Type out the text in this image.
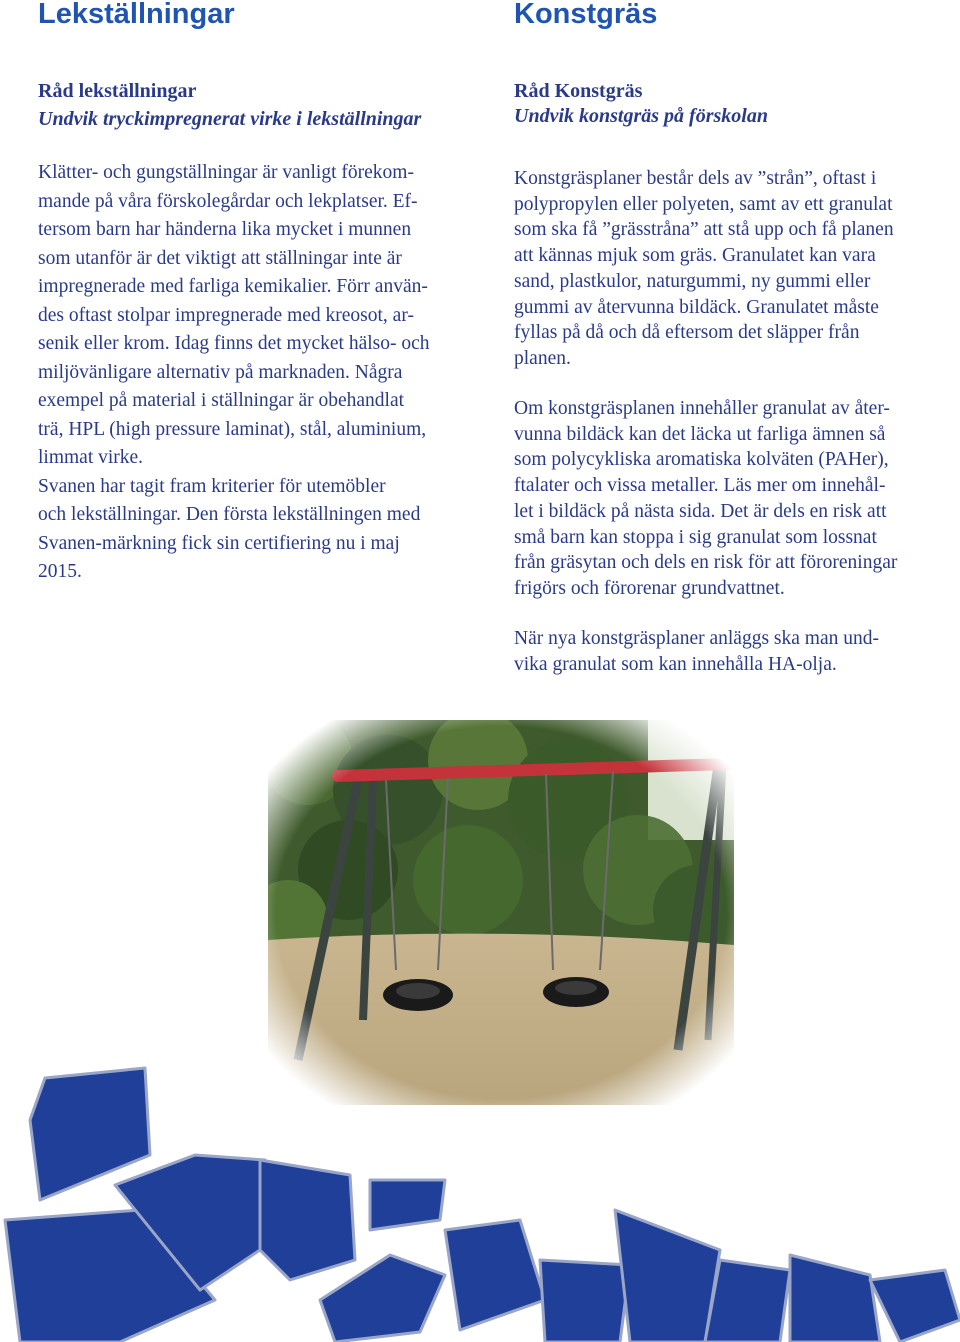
Lekställningar
Råd lekställningar
Undvik tryckimpregnerat virke i lekställningar
Klätter- och gungställningar är vanligt förekom-
mande på våra förskolegårdar och lekplatser. Ef-
tersom barn har händerna lika mycket i munnen
som utanför är det viktigt att ställningar inte är
impregnerade med farliga kemikalier. Förr använ-
des oftast stolpar impregnerade med kreosot, ar-
senik eller krom. Idag finns det mycket hälso- och
miljövänligare alternativ på marknaden. Några
exempel på material i ställningar är obehandlat
trä, HPL (high pressure laminat), stål, aluminium,
limmat virke.
Svanen har tagit fram kriterier för utemöbler
och lekställningar. Den första lekställningen med
Svanen-märkning fick sin certifiering nu i maj
2015.
Konstgräs
Råd Konstgräs
Undvik konstgräs på förskolan
Konstgräsplaner består dels av ”strån”, oftast i
polypropylen eller polyeten, samt av ett granulat
som ska få ”grässtråna” att stå upp och få planen
att kännas mjuk som gräs. Granulatet kan vara
sand, plastkulor, naturgummi, ny gummi eller
gummi av återvunna bildäck. Granulatet måste
fyllas på då och då eftersom det släpper från
planen.
Om konstgräsplanen innehåller granulat av åter-
vunna bildäck kan det läcka ut farliga ämnen så
som polycykliska aromatiska kolväten (PAHer),
ftalater och vissa metaller. Läs mer om innehål-
let i bildäck på nästa sida. Det är dels en risk att
små barn kan stoppa i sig granulat som lossnat
från gräsytan och dels en risk för att föroreningar
frigörs och förorenar grundvattnet.
När nya konstgräsplaner anläggs ska man und-
vika granulat som kan innehålla HA-olja.
